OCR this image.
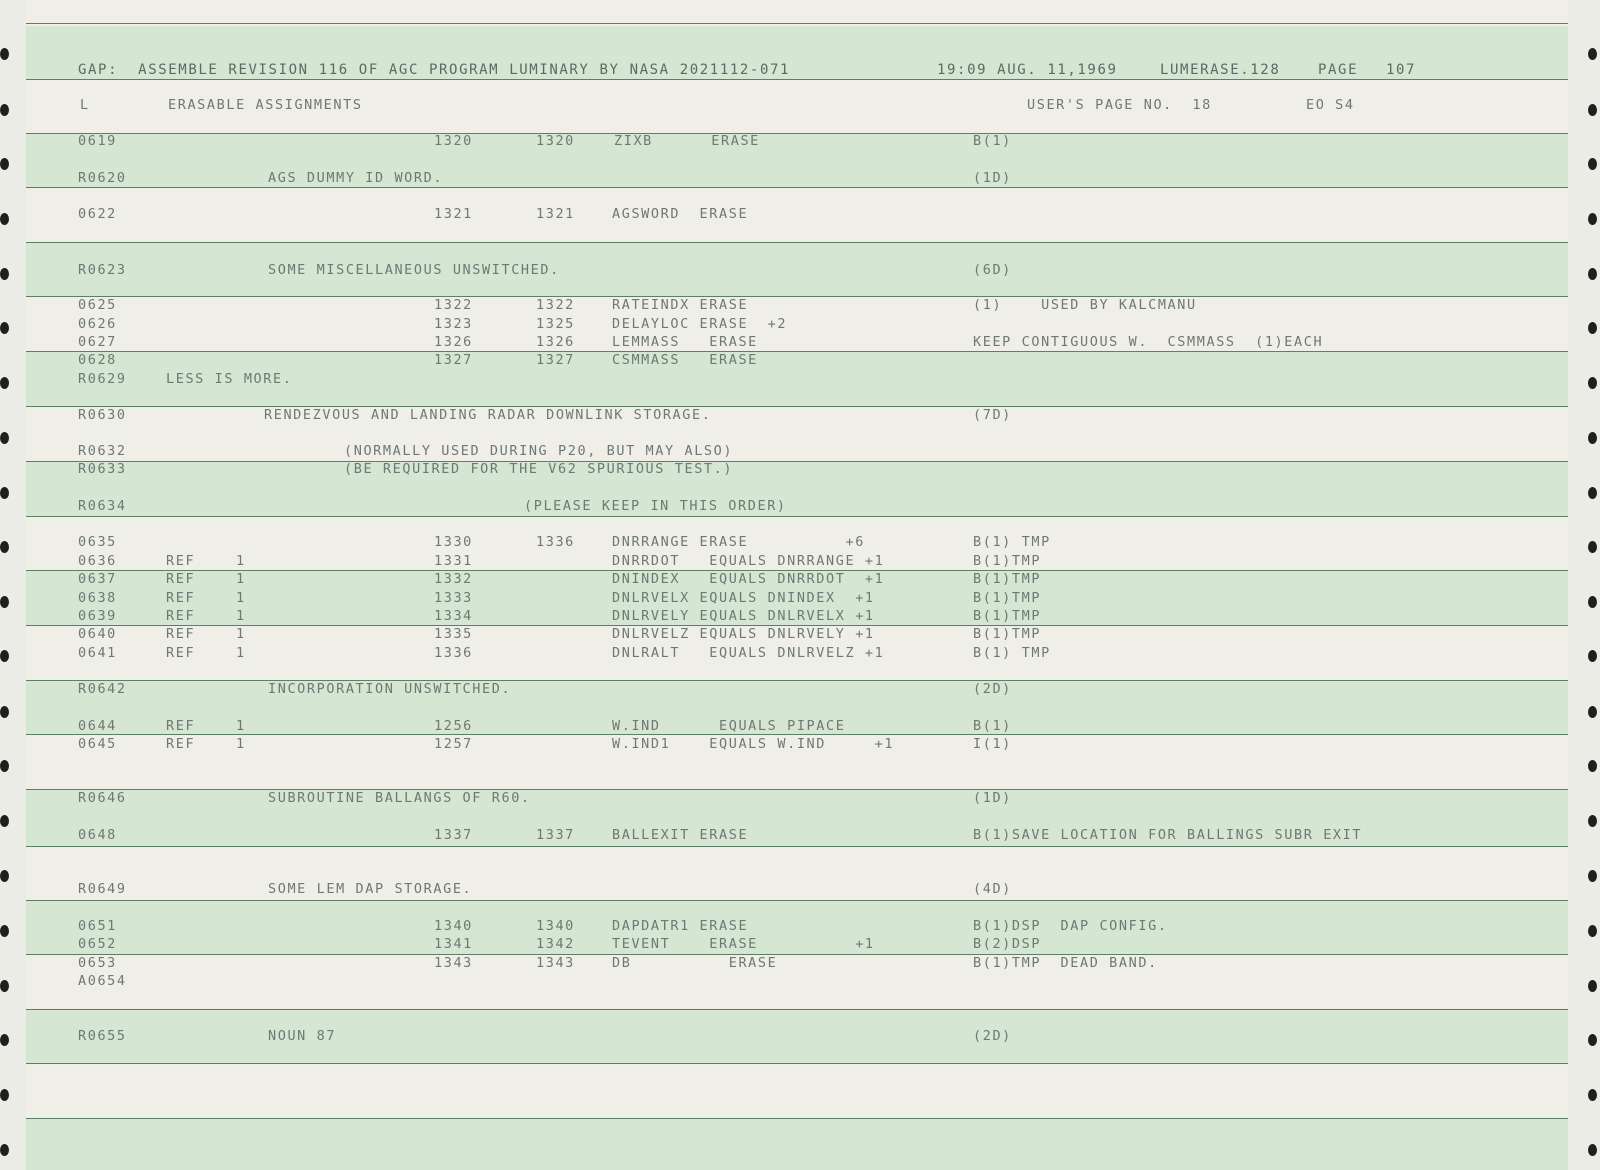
GAP:  ASSEMBLE REVISION 116 OF AGC PROGRAM LUMINARY BY NASA 2021112-071	19:09 AUG. 11,1969	LUMERASE.128	PAGE 107
L	ERASABLE ASSIGNMENTS	USER'S PAGE NO.  18	EO S4
0619	1320	1320	ZIXB      ERASE	B(1)
R0620	AGS DUMMY ID WORD.	(1D)
0622	1321	1321	AGSWORD  ERASE
R0623	SOME MISCELLANEOUS UNSWITCHED.	(6D)
0625	1322	1322	RATEINDX ERASE	(1)    USED BY KALCMANU
0626	1323	1325	DELAYLOC ERASE  +2
0627	1326	1326	LEMMASS   ERASE	KEEP CONTIGUOUS W.  CSMMASS  (1)EACH
0628	1327	1327	CSMMASS   ERASE
R0629	LESS IS MORE.
R0630	RENDEZVOUS AND LANDING RADAR DOWNLINK STORAGE.	(7D)
R0632	(NORMALLY USED DURING P20, BUT MAY ALSO)
R0633	(BE REQUIRED FOR THE V62 SPURIOUS TEST.)
R0634	(PLEASE KEEP IN THIS ORDER)
0635	1330	1336	DNRRANGE ERASE          +6	B(1) TMP
0636	REF	1	1331	DNRRDOT   EQUALS DNRRANGE +1	B(1)TMP
0637	REF	1	1332	DNINDEX   EQUALS DNRRDOT  +1	B(1)TMP
0638	REF	1	1333	DNLRVELX EQUALS DNINDEX  +1	B(1)TMP
0639	REF	1	1334	DNLRVELY EQUALS DNLRVELX +1	B(1)TMP
0640	REF	1	1335	DNLRVELZ EQUALS DNLRVELY +1	B(1)TMP
0641	REF	1	1336	DNLRALT   EQUALS DNLRVELZ +1	B(1) TMP
R0642	INCORPORATION UNSWITCHED.	(2D)
0644	REF	1	1256	W.IND      EQUALS PIPACE	B(1)
0645	REF	1	1257	W.IND1    EQUALS W.IND     +1	I(1)
R0646	SUBROUTINE BALLANGS OF R60.	(1D)
0648	1337	1337	BALLEXIT ERASE	B(1)SAVE LOCATION FOR BALLINGS SUBR EXIT
R0649	SOME LEM DAP STORAGE.	(4D)
0651	1340	1340	DAPDATR1 ERASE	B(1)DSP  DAP CONFIG.
0652	1341	1342	TEVENT    ERASE          +1	B(2)DSP
0653	1343	1343	DB          ERASE	B(1)TMP  DEAD BAND.
A0654
R0655	NOUN 87	(2D)
